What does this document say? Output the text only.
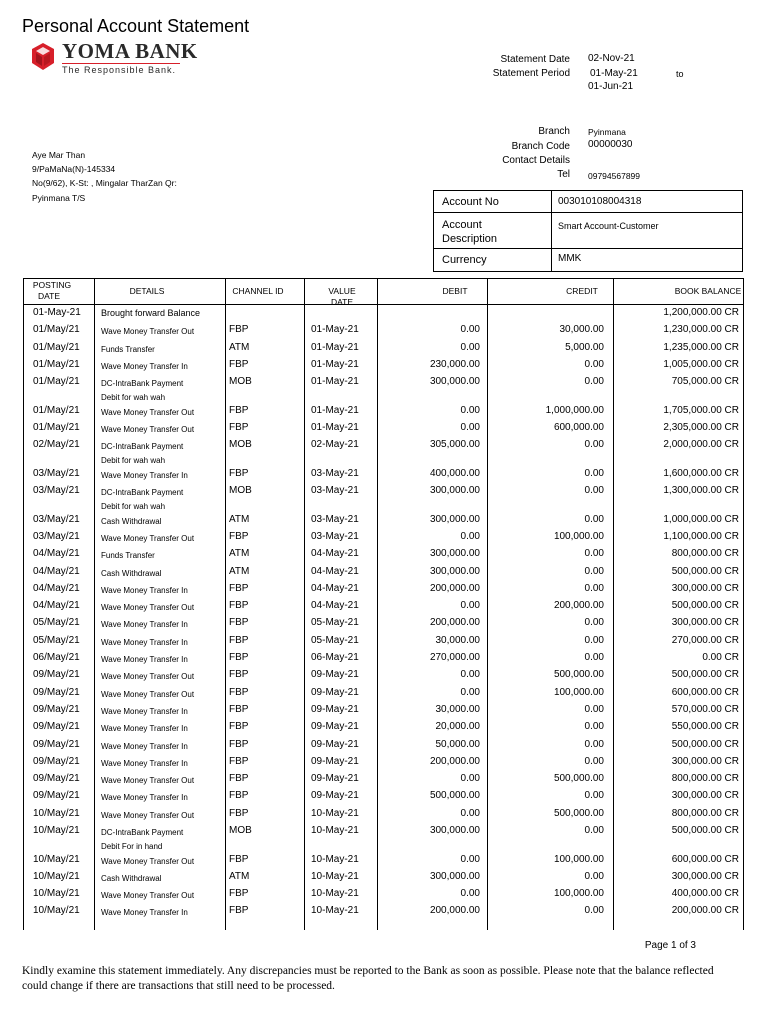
Personal Account Statement
YOMA BANK
The Responsible Bank.
Statement Date 02-Nov-21
Statement Period 01-May-21	to
01-Jun-21
Branch Pyinmana
Branch Code 00000030
Contact Details
Tel 09794567899
Aye Mar Than
9/PaMaNa(N)-145334
No(9/62), K-St: , Mingalar TharZan Qr:
Pyinmana T/S	Account No	003010108004318
Account
Description
Smart Account-Customer
Currency	MMK
POSTING
DATE	DETAILS	CHANNEL ID	VALUE
DATE
DEBIT	CREDIT	BOOK BALANCE
01-May-21 Brought forward Balance	1,200,000.00 CR
01/May/21	Wave Money Transfer Out	FBP	01-May-21	0.00	30,000.00	1,230,000.00 CR
01/May/21	Funds Transfer	ATM	01-May-21	0.00	5,000.00	1,235,000.00 CR
01/May/21	Wave Money Transfer In	FBP	01-May-21	230,000.00	0.00	1,005,000.00 CR
01/May/21	DC-IntraBank Payment	MOB	01-May-21	300,000.00	0.00	705,000.00 CR
Debit for wah wah
01/May/21	Wave Money Transfer Out	FBP	01-May-21	0.00	1,000,000.00	1,705,000.00 CR
01/May/21	Wave Money Transfer Out	FBP	01-May-21	0.00	600,000.00	2,305,000.00 CR
02/May/21	DC-IntraBank Payment	MOB	02-May-21	305,000.00	0.00	2,000,000.00 CR
Debit for wah wah
03/May/21	Wave Money Transfer In	FBP	03-May-21	400,000.00	0.00	1,600,000.00 CR
03/May/21	DC-IntraBank Payment	MOB	03-May-21	300,000.00	0.00	1,300,000.00 CR
Debit for wah wah
03/May/21	Cash Withdrawal	ATM	03-May-21	300,000.00	0.00	1,000,000.00 CR
03/May/21	Wave Money Transfer Out	FBP	03-May-21	0.00	100,000.00	1,100,000.00 CR
04/May/21	Funds Transfer	ATM	04-May-21	300,000.00	0.00	800,000.00 CR
04/May/21	Cash Withdrawal	ATM	04-May-21	300,000.00	0.00	500,000.00 CR
04/May/21	Wave Money Transfer In	FBP	04-May-21	200,000.00	0.00	300,000.00 CR
04/May/21	Wave Money Transfer Out	FBP	04-May-21	0.00	200,000.00	500,000.00 CR
05/May/21	Wave Money Transfer In	FBP	05-May-21	200,000.00	0.00	300,000.00 CR
05/May/21	Wave Money Transfer In	FBP	05-May-21	30,000.00	0.00	270,000.00 CR
06/May/21	Wave Money Transfer In	FBP	06-May-21	270,000.00	0.00	0.00 CR
09/May/21	Wave Money Transfer Out	FBP	09-May-21	0.00	500,000.00	500,000.00 CR
09/May/21	Wave Money Transfer Out	FBP	09-May-21	0.00	100,000.00	600,000.00 CR
09/May/21	Wave Money Transfer In	FBP	09-May-21	30,000.00	0.00	570,000.00 CR
09/May/21	Wave Money Transfer In	FBP	09-May-21	20,000.00	0.00	550,000.00 CR
09/May/21	Wave Money Transfer In	FBP	09-May-21	50,000.00	0.00	500,000.00 CR
09/May/21	Wave Money Transfer In	FBP	09-May-21	200,000.00	0.00	300,000.00 CR
09/May/21	Wave Money Transfer Out	FBP	09-May-21	0.00	500,000.00	800,000.00 CR
09/May/21	Wave Money Transfer In	FBP	09-May-21	500,000.00	0.00	300,000.00 CR
10/May/21	Wave Money Transfer Out	FBP	10-May-21	0.00	500,000.00	800,000.00 CR
10/May/21	DC-IntraBank Payment	MOB	10-May-21	300,000.00	0.00	500,000.00 CR
Debit For in hand
10/May/21	Wave Money Transfer Out	FBP	10-May-21	0.00	100,000.00	600,000.00 CR
10/May/21	Cash Withdrawal	ATM	10-May-21	300,000.00	0.00	300,000.00 CR
10/May/21	Wave Money Transfer Out	FBP	10-May-21	0.00	100,000.00	400,000.00 CR
10/May/21	Wave Money Transfer In	FBP	10-May-21	200,000.00	0.00	200,000.00 CR
Page 1 of 3
Kindly examine this statement immediately. Any discrepancies must be reported to the Bank as soon as possible. Please note that the balance reflected could change if there are transactions that still need to be processed.
